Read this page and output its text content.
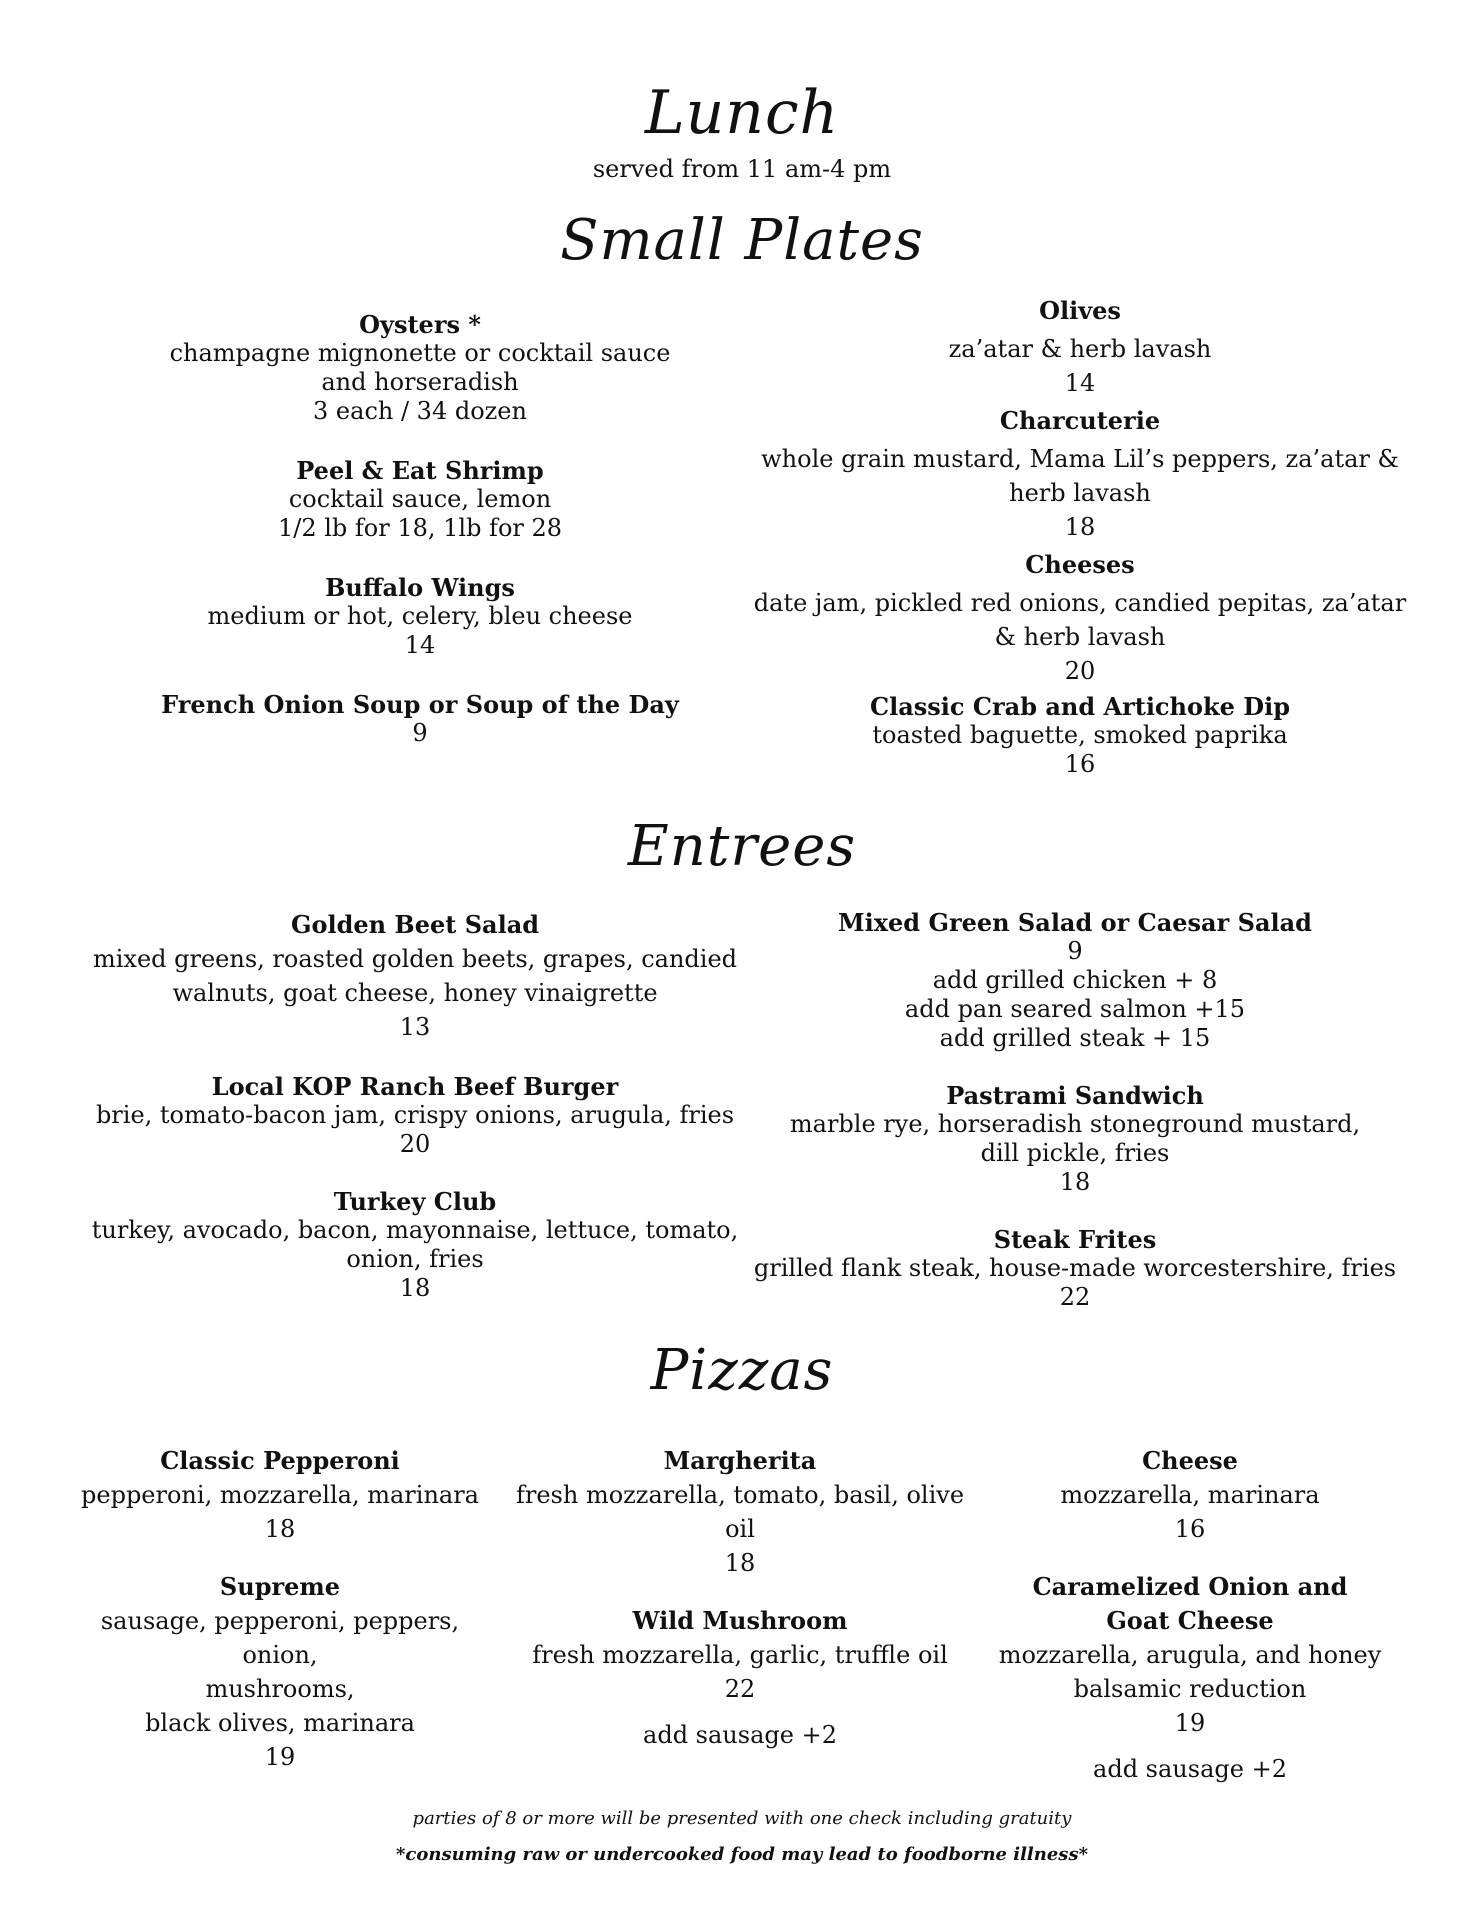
Lunch
served from 11 am-4 pm
Small Plates
Oysters *
champagne mignonette or cocktail sauce
and horseradish
3 each / 34 dozen
Peel & Eat Shrimp
cocktail sauce, lemon
1/2 lb for 18, 1lb for 28
Buffalo Wings
medium or hot, celery, bleu cheese
14
French Onion Soup or Soup of the Day
9
Olives
za’atar & herb lavash
14
Charcuterie
whole grain mustard, Mama Lil’s peppers, za’atar &
herb lavash
18
Cheeses
date jam, pickled red onions, candied pepitas, za’atar
& herb lavash
20
Classic Crab and Artichoke Dip
toasted baguette, smoked paprika
16
Entrees
Golden Beet Salad
mixed greens, roasted golden beets, grapes, candied
walnuts, goat cheese, honey vinaigrette
13
Local KOP Ranch Beef Burger
brie, tomato-bacon jam, crispy onions, arugula, fries
20
Turkey Club
turkey, avocado, bacon, mayonnaise, lettuce, tomato,
onion, fries
18
Mixed Green Salad or Caesar Salad
9
add grilled chicken + 8
add pan seared salmon +15
add grilled steak + 15
Pastrami Sandwich
marble rye, horseradish stoneground mustard,
dill pickle, fries
18
Steak Frites
grilled flank steak, house-made worcestershire, fries
22
Pizzas
Classic Pepperoni
pepperoni, mozzarella, marinara
18
Supreme
sausage, pepperoni, peppers, onion,
mushrooms,
black olives, marinara
19
Margherita
fresh mozzarella, tomato, basil, olive
oil
18
Wild Mushroom
fresh mozzarella, garlic, truffle oil
22
add sausage +2
Cheese
mozzarella, marinara
16
Caramelized Onion and Goat Cheese
mozzarella, arugula, and honey
balsamic reduction
19
add sausage +2
parties of 8 or more will be presented with one check including gratuity
*consuming raw or undercooked food may lead to foodborne illness*
